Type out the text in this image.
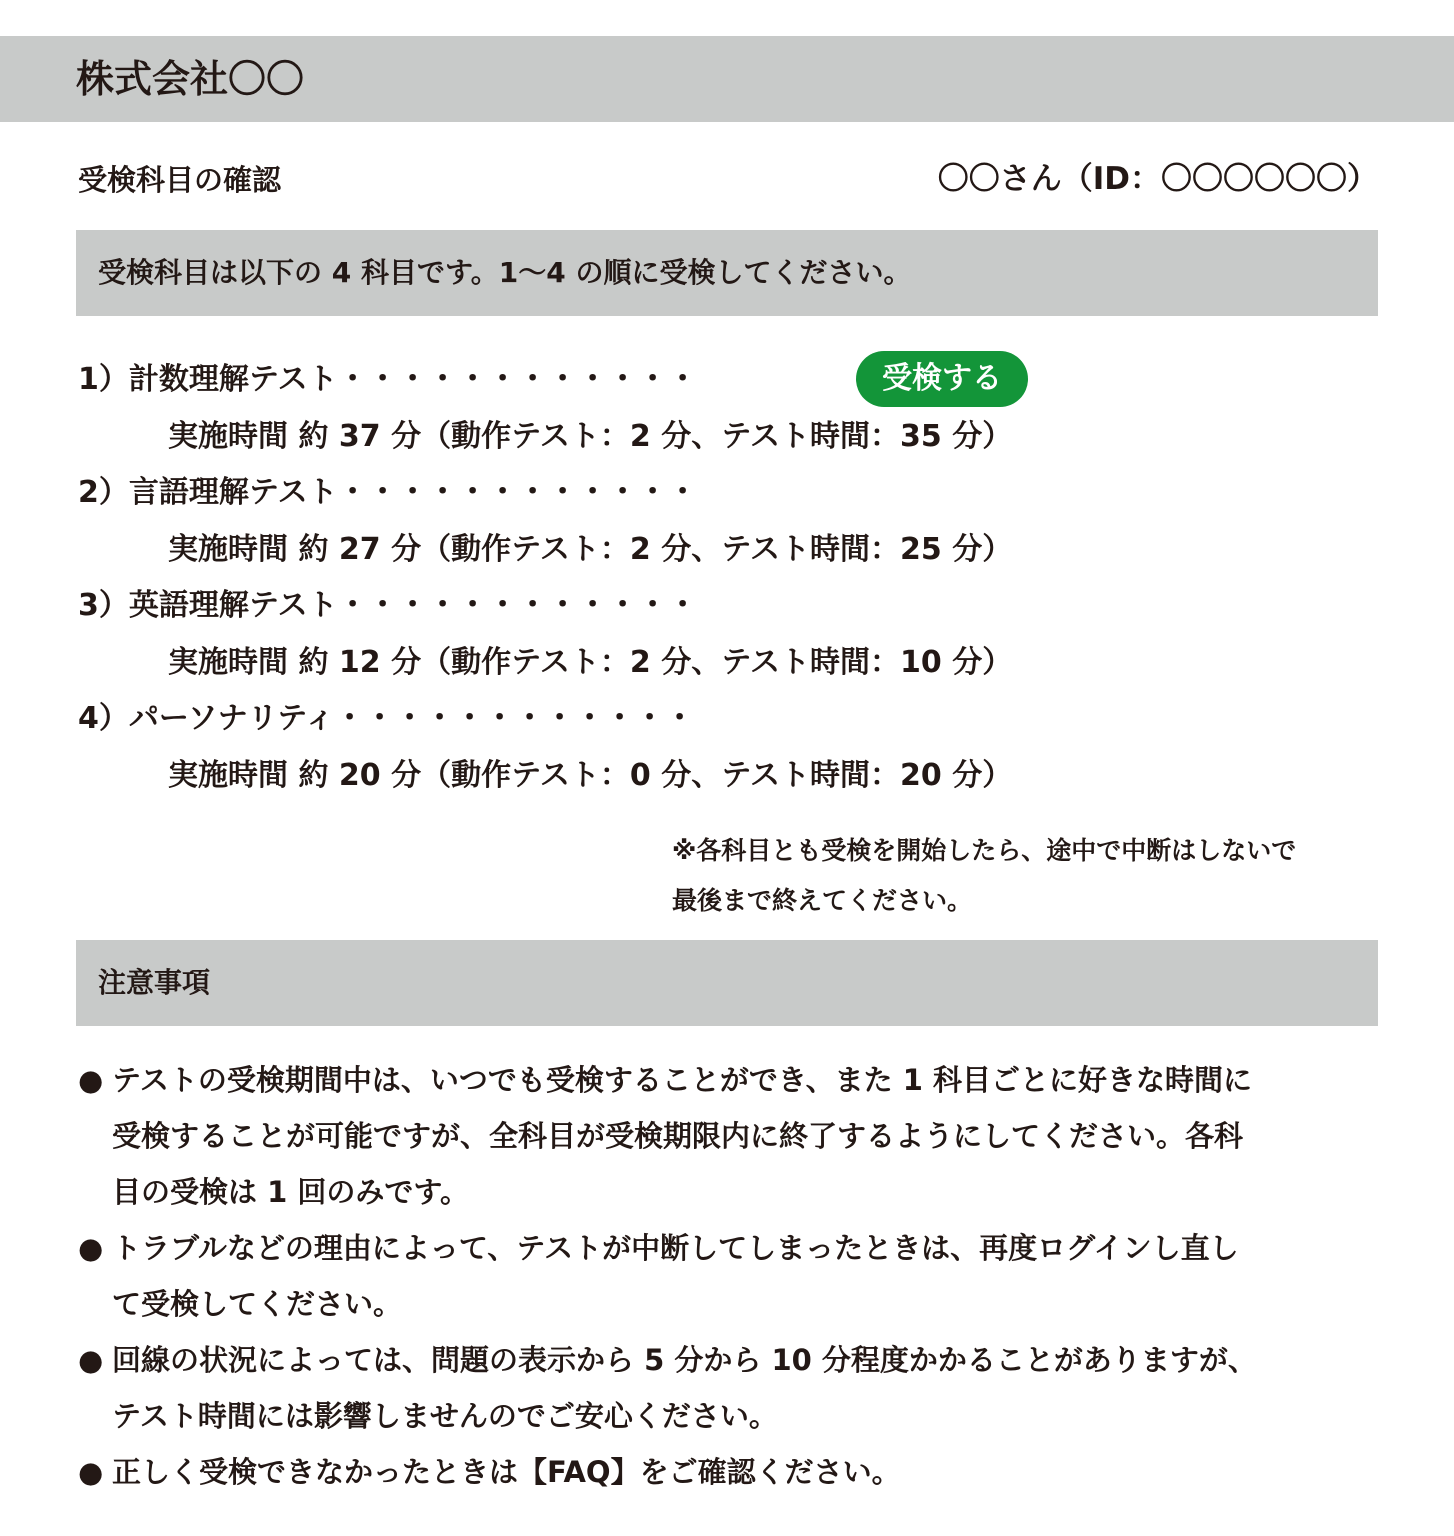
株式会社〇〇
受検科目の確認	〇〇さん（ID：〇〇〇〇〇〇）
受検科目は以下の 4 科目です。1〜4 の順に受検してください。
1）計数理解テスト・・・・・・・・・・・・	受検する
実施時間 約 37 分（動作テスト：2 分、テスト時間：35 分）
2）言語理解テスト・・・・・・・・・・・・
実施時間 約 27 分（動作テスト：2 分、テスト時間：25 分）
3）英語理解テスト・・・・・・・・・・・・
実施時間 約 12 分（動作テスト：2 分、テスト時間：10 分）
4）パーソナリティ・・・・・・・・・・・・
実施時間 約 20 分（動作テスト：0 分、テスト時間：20 分）
※各科目とも受検を開始したら、途中で中断はしないで
最後まで終えてください。
注意事項
● テストの受検期間中は、いつでも受検することができ、また 1 科目ごとに好きな時間に
受検することが可能ですが、全科目が受検期限内に終了するようにしてください。各科
目の受検は 1 回のみです。
● トラブルなどの理由によって、テストが中断してしまったときは、再度ログインし直し
て受検してください。
● 回線の状況によっては、問題の表示から 5 分から 10 分程度かかることがありますが、
テスト時間には影響しませんのでご安心ください。
● 正しく受検できなかったときは【FAQ】をご確認ください。
